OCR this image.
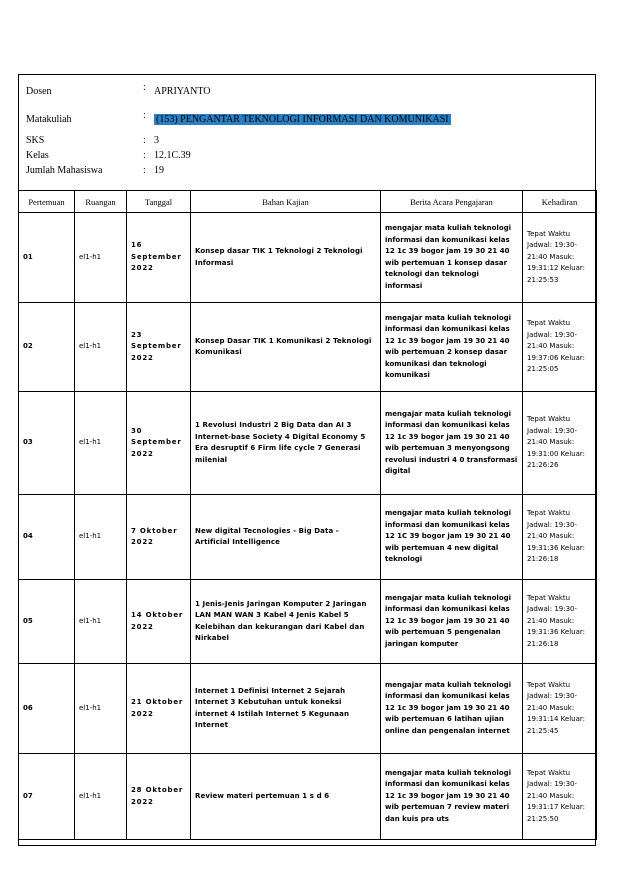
Dosen	: APRIYANTO
Matakuliah	: (153) PENGANTAR TEKNOLOGI INFORMASI DAN KOMUNIKASI
SKS	: 3
Kelas	: 12.1C.39
Jumlah Mahasiswa	: 19
Pertemuan	Ruangan	Tanggal	Bahan Kajian	Berita Acara Pengajaran	Kehadiran
01	el1-h1	16 September 2022	Konsep dasar TIK 1 Teknologi 2 Teknologi Informasi	mengajar mata kuliah teknologi informasi dan komunikasi kelas 12 1c 39 bogor jam 19 30 21 40 wib pertemuan 1 konsep dasar teknologi dan teknologi informasi	Tepat Waktu Jadwal: 19:30-21:40 Masuk: 19:31:12 Keluar: 21:25:53
02	el1-h1	23 September 2022	Konsep Dasar TIK 1 Komunikasi 2 Teknologi Komunikasi	mengajar mata kuliah teknologi informasi dan komunikasi kelas 12 1c 39 bogor jam 19 30 21 40 wib pertemuan 2 konsep dasar komunikasi dan teknologi komunikasi	Tepat Waktu Jadwal: 19:30-21:40 Masuk: 19:37:06 Keluar: 21:25:05
03	el1-h1	30 September 2022	1 Revolusi Industri 2 Big Data dan AI 3 Internet-base Society 4 Digital Economy 5 Era desruptif 6 Firm life cycle 7 Generasi milenial	mengajar mata kuliah teknologi informasi dan komunikasi kelas 12 1c 39 bogor jam 19 30 21 40 wib pertemuan 3 menyongsong revolusi industri 4 0 transformasi digital	Tepat Waktu Jadwal: 19:30-21:40 Masuk: 19:31:00 Keluar: 21:26:26
04	el1-h1	7 Oktober 2022	New digital Tecnologies - Big Data - Artificial Intelligence	mengajar mata kuliah teknologi informasi dan komunikasi kelas 12 1C 39 bogor jam 19 30 21 40 wib pertemuan 4 new digital teknologi	Tepat Waktu Jadwal: 19:30-21:40 Masuk: 19:31:36 Keluar: 21:26:18
05	el1-h1	14 Oktober 2022	1 Jenis-Jenis Jaringan Komputer 2 Jaringan LAN MAN WAN 3 Kabel 4 Jenis Kabel 5 Kelebihan dan kekurangan dari Kabel dan Nirkabel	mengajar mata kuliah teknologi informasi dan komunikasi kelas 12 1c 39 bogor jam 19 30 21 40 wib pertemuan 5 pengenalan jaringan komputer	Tepat Waktu Jadwal: 19:30-21:40 Masuk: 19:31:36 Keluar: 21:26:18
06	el1-h1	21 Oktober 2022	Internet 1 Definisi Internet 2 Sejarah Internet 3 Kebutuhan untuk koneksi internet 4 Istilah Internet 5 Kegunaan Internet	mengajar mata kuliah teknologi informasi dan komunikasi kelas 12 1c 39 bogor jam 19 30 21 40 wib pertemuan 6 latihan ujian online dan pengenalan internet	Tepat Waktu Jadwal: 19:30-21:40 Masuk: 19:31:14 Keluar: 21:25:45
07	el1-h1	28 Oktober 2022	Review materi pertemuan 1 s d 6	mengajar mata kuliah teknologi informasi dan komunikasi kelas 12 1c 39 bogor jam 19 30 21 40 wib pertemuan 7 review materi dan kuis pra uts	Tepat Waktu Jadwal: 19:30-21:40 Masuk: 19:31:17 Keluar: 21:25:50
